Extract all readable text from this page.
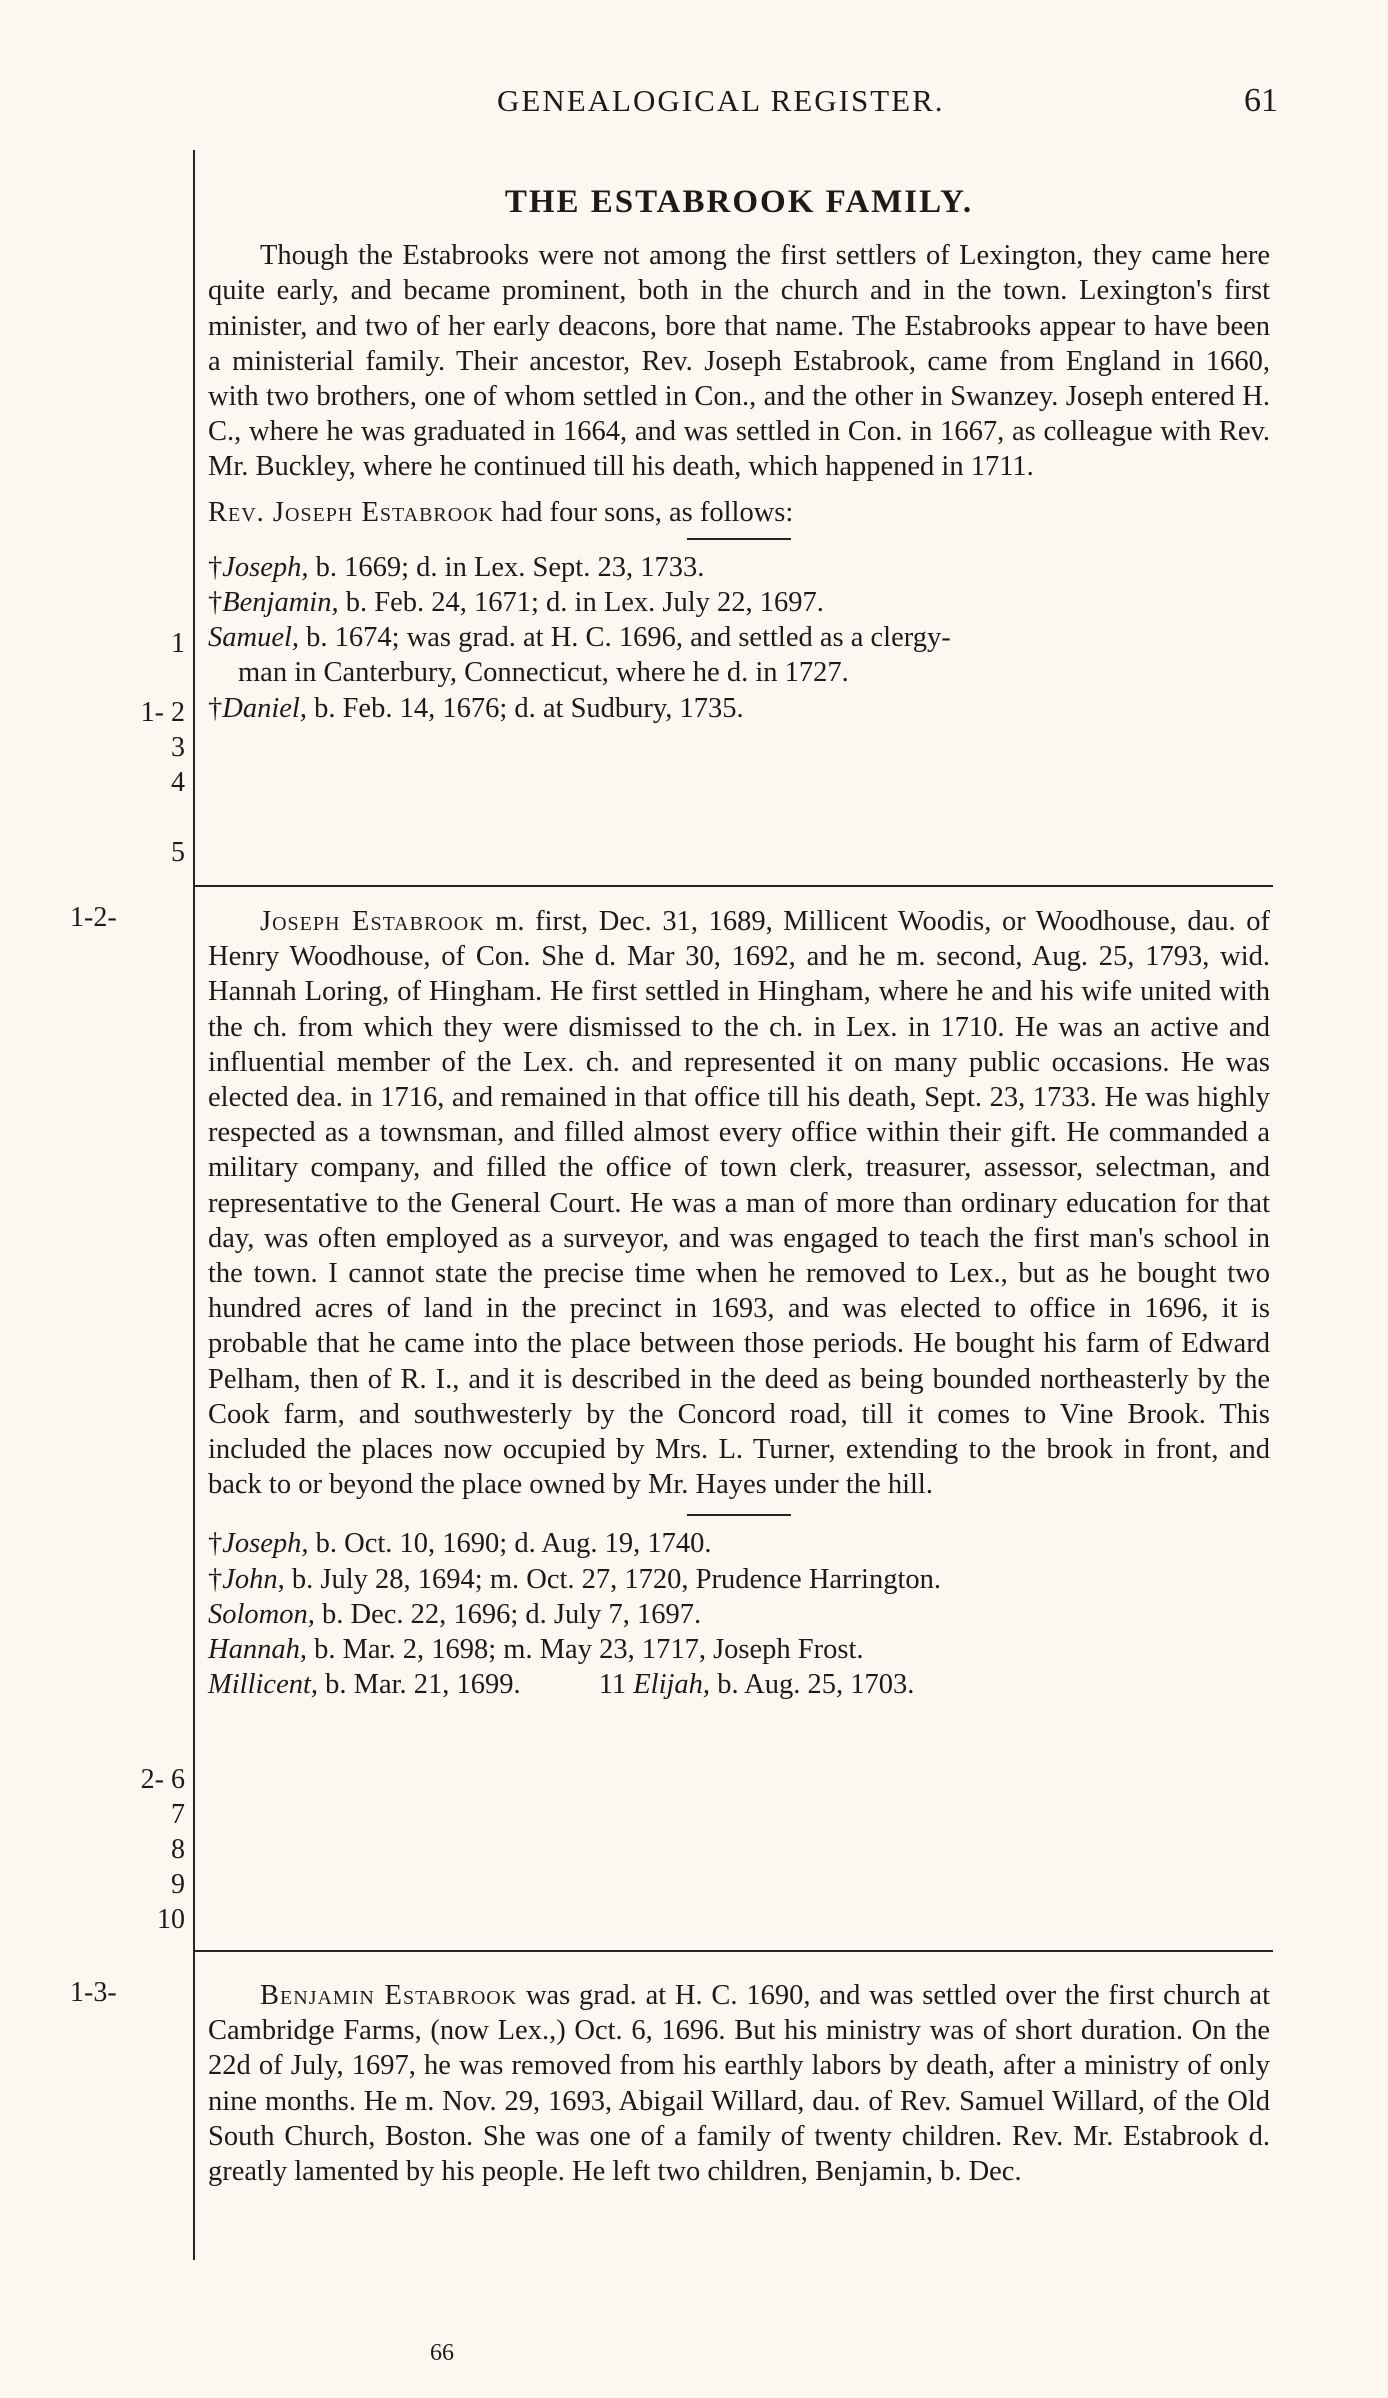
GENEALOGICAL REGISTER.	61
1
1- 2
3
4
5
1-2-
2- 6
7
8
9
10
1-3-
THE ESTABROOK FAMILY.

Though the Estabrooks were not among the first settlers of Lexington, they came here quite early, and became prominent, both in the church and in the town. Lexington's first minister, and two of her early deacons, bore that name. The Estabrooks appear to have been a ministerial family. Their ancestor, Rev. Joseph Estabrook, came from England in 1660, with two brothers, one of whom settled in Con., and the other in Swanzey. Joseph entered H. C., where he was graduated in 1664, and was settled in Con. in 1667, as colleague with Rev. Mr. Buckley, where he continued till his death, which happened in 1711.

Rev. Joseph Estabrook had four sons, as follows:

†Joseph, b. 1669; d. in Lex. Sept. 23, 1733.

†Benjamin, b. Feb. 24, 1671; d. in Lex. July 22, 1697.

Samuel, b. 1674; was grad. at H. C. 1696, and settled as a clergy-

man in Canterbury, Connecticut, where he d. in 1727.

†Daniel, b. Feb. 14, 1676; d. at Sudbury, 1735.

Joseph Estabrook m. first, Dec. 31, 1689, Millicent Woodis, or Woodhouse, dau. of Henry Woodhouse, of Con. She d. Mar 30, 1692, and he m. second, Aug. 25, 1793, wid. Hannah Loring, of Hingham. He first settled in Hingham, where he and his wife united with the ch. from which they were dismissed to the ch. in Lex. in 1710. He was an active and influential member of the Lex. ch. and represented it on many public occasions. He was elected dea. in 1716, and remained in that office till his death, Sept. 23, 1733. He was highly respected as a townsman, and filled almost every office within their gift. He commanded a military company, and filled the office of town clerk, treasurer, assessor, selectman, and representative to the General Court. He was a man of more than ordinary education for that day, was often employed as a surveyor, and was engaged to teach the first man's school in the town. I cannot state the precise time when he removed to Lex., but as he bought two hundred acres of land in the precinct in 1693, and was elected to office in 1696, it is probable that he came into the place between those periods. He bought his farm of Edward Pelham, then of R. I., and it is described in the deed as being bounded northeasterly by the Cook farm, and southwesterly by the Concord road, till it comes to Vine Brook. This included the places now occupied by Mrs. L. Turner, extending to the brook in front, and back to or beyond the place owned by Mr. Hayes under the hill.

†Joseph, b. Oct. 10, 1690; d. Aug. 19, 1740.

†John, b. July 28, 1694; m. Oct. 27, 1720, Prudence Harrington.

Solomon, b. Dec. 22, 1696; d. July 7, 1697.

Hannah, b. Mar. 2, 1698; m. May 23, 1717, Joseph Frost.

Millicent, b. Mar. 21, 1699.	11 Elijah, b. Aug. 25, 1703.

Benjamin Estabrook was grad. at H. C. 1690, and was settled over the first church at Cambridge Farms, (now Lex.,) Oct. 6, 1696. But his ministry was of short duration. On the 22d of July, 1697, he was removed from his earthly labors by death, after a ministry of only nine months. He m. Nov. 29, 1693, Abigail Willard, dau. of Rev. Samuel Willard, of the Old South Church, Boston. She was one of a family of twenty children. Rev. Mr. Estabrook d. greatly lamented by his people. He left two children, Benjamin, b. Dec.

66
